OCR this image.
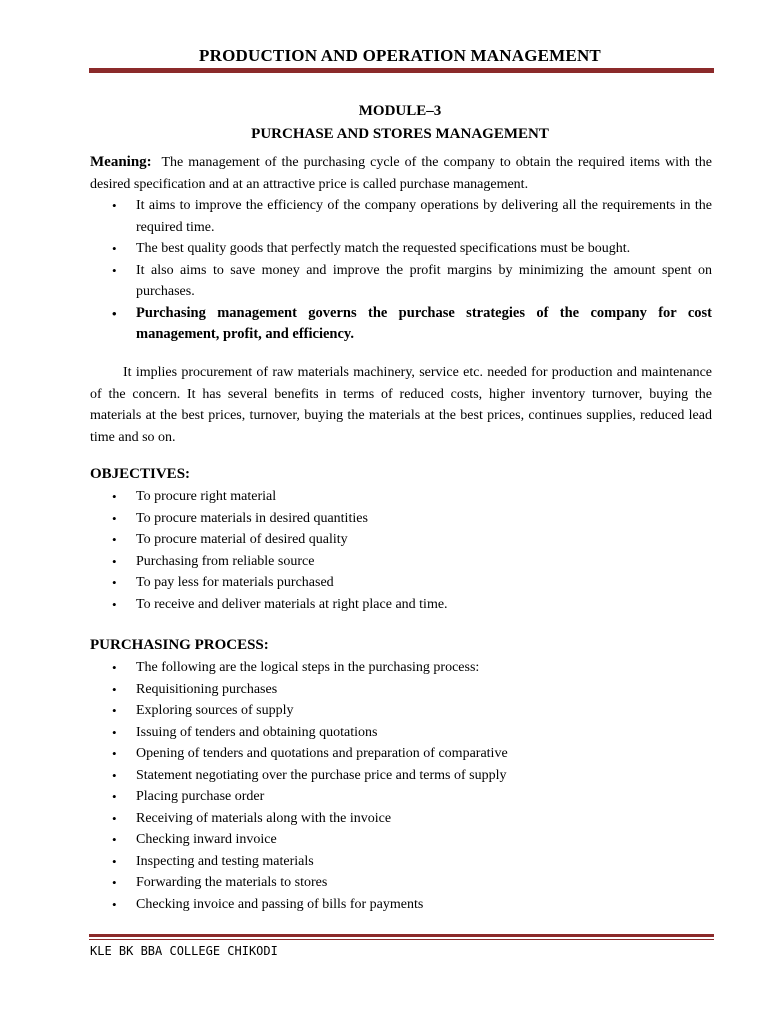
PRODUCTION AND OPERATION MANAGEMENT
MODULE–3
PURCHASE AND STORES MANAGEMENT
Meaning: The management of the purchasing cycle of the company to obtain the required items with the desired specification and at an attractive price is called purchase management.
• It aims to improve the efficiency of the company operations by delivering all the requirements in the required time.
• The best quality goods that perfectly match the requested specifications must be bought.
• It also aims to save money and improve the profit margins by minimizing the amount spent on purchases.
• Purchasing management governs the purchase strategies of the company for cost management, profit, and efficiency.
It implies procurement of raw materials machinery, service etc. needed for production and maintenance of the concern. It has several benefits in terms of reduced costs, higher inventory turnover, buying the materials at the best prices, turnover, buying the materials at the best prices, continues supplies, reduced lead time and so on.
OBJECTIVES:
• To procure right material
• To procure materials in desired quantities
• To procure material of desired quality
• Purchasing from reliable source
• To pay less for materials purchased
• To receive and deliver materials at right place and time.
PURCHASING PROCESS:
• The following are the logical steps in the purchasing process:
• Requisitioning purchases
• Exploring sources of supply
• Issuing of tenders and obtaining quotations
• Opening of tenders and quotations and preparation of comparative
• Statement negotiating over the purchase price and terms of supply
• Placing purchase order
• Receiving of materials along with the invoice
• Checking inward invoice
• Inspecting and testing materials
• Forwarding the materials to stores
• Checking invoice and passing of bills for payments
KLE BK BBA COLLEGE CHIKODI
